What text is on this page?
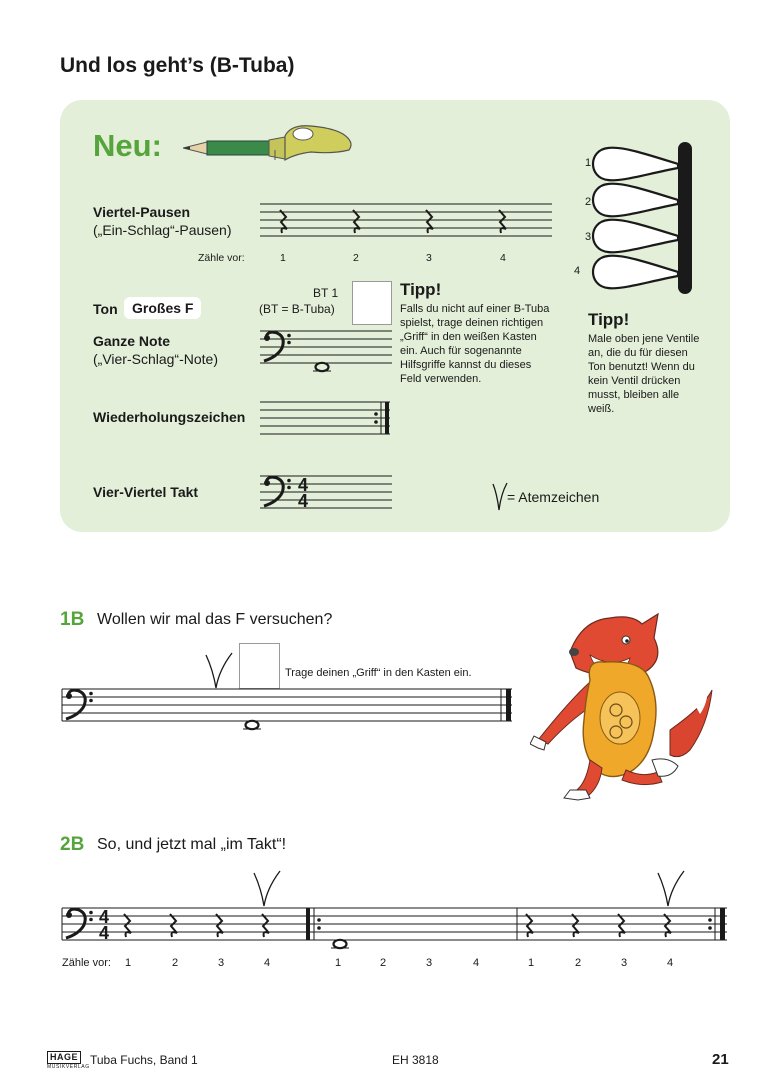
Und los geht’s (B-Tuba)
Neu:
Viertel-Pausen
(„Ein-Schlag“-Pausen)
Zähle vor:	1	2	3	4
Ton	Großes F
BT 1
(BT = B-Tuba)
Tipp!
Falls du nicht auf einer B-Tuba
spielst, trage deinen richtigen
„Griff“ in den weißen Kasten
ein. Auch für sogenannte
Hilfsgriffe kannst du dieses
Feld verwenden.
Ganze Note
(„Vier-Schlag“-Note)
Wiederholungszeichen
Vier-Viertel Takt	4
4	= Atemzeichen
1
2
3
4
Tipp!
Male oben jene Ventile
an, die du für diesen
Ton benutzt! Wenn du
kein Ventil drücken
musst, bleiben alle
weiß.
1B Wollen wir mal das F versuchen?
Trage deinen „Griff“ in den Kasten ein.
2B So, und jetzt mal „im Takt“!
4
4
Zähle vor: 1	2	3	4	1	2	3	4	1	2	3	4
HAGE
MUSIKVERLAG Tuba Fuchs, Band 1	EH 3818	21
